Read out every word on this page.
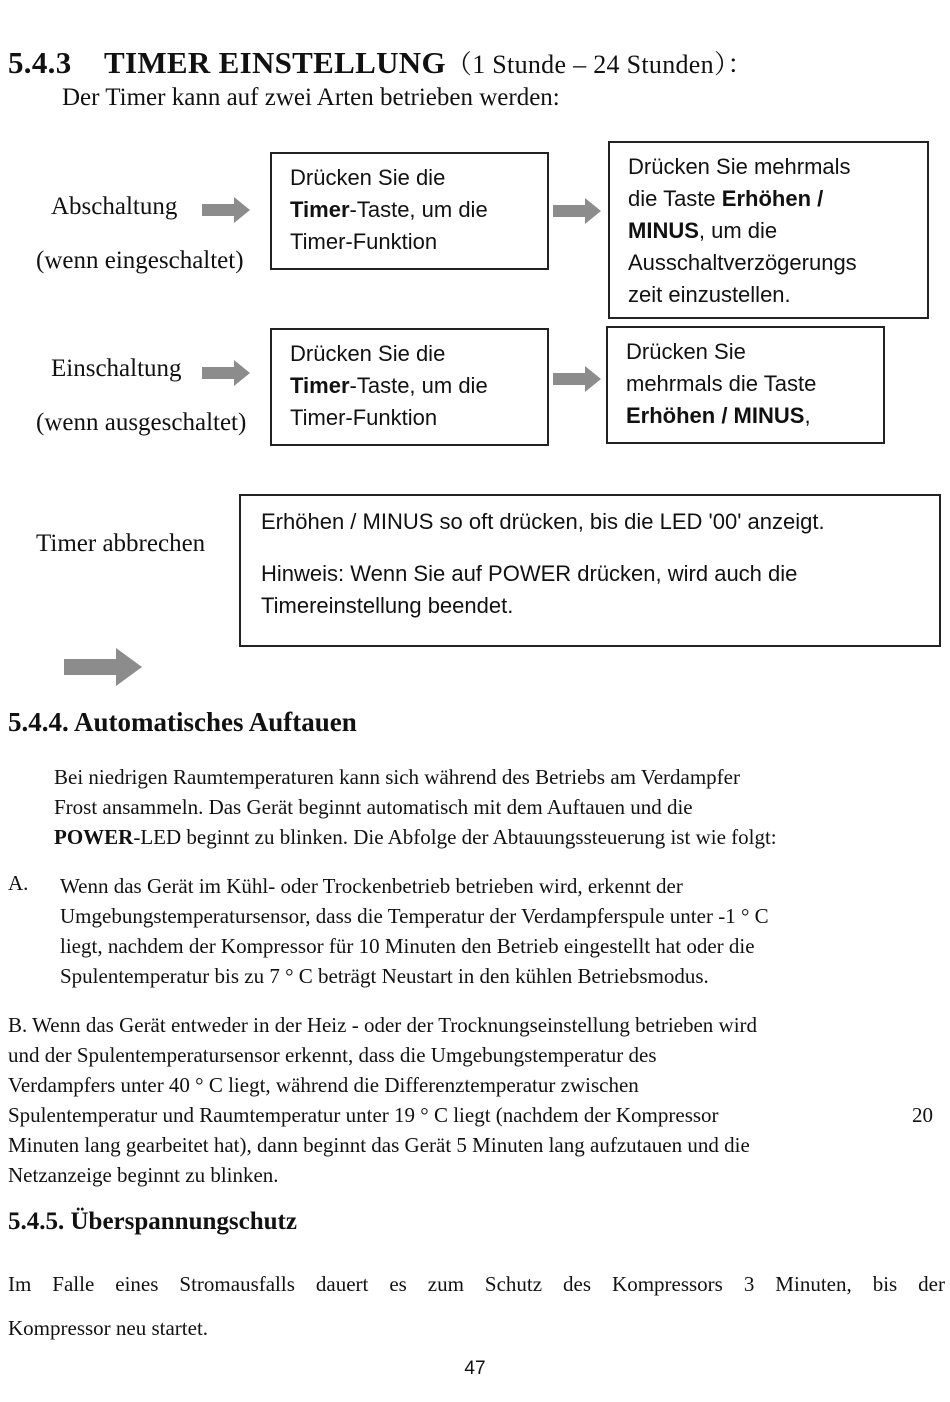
5.4.3 TIMER EINSTELLUNG（1 Stunde – 24 Stunden）：
Der Timer kann auf zwei Arten betrieben werden:
Abschaltung
(wenn eingeschaltet)

Drücken Sie die

Timer-Taste, um die

Timer-Funktion

Drücken Sie mehrmals

die Taste Erhöhen /

MINUS, um die

Ausschaltverzögerungs

zeit einzustellen.

Einschaltung
(wenn ausgeschaltet)

Drücken Sie die

Timer-Taste, um die

Timer-Funktion

Drücken Sie

mehrmals die Taste

Erhöhen / MINUS,

Timer abbrechen

Erhöhen / MINUS so oft drücken, bis die LED '00' anzeigt.

Hinweis: Wenn Sie auf POWER drücken, wird auch die

Timereinstellung beendet.

5.4.4. Automatisches Auftauen

Bei niedrigen Raumtemperaturen kann sich während des Betriebs am Verdampfer

Frost ansammeln. Das Gerät beginnt automatisch mit dem Auftauen und die

POWER-LED beginnt zu blinken. Die Abfolge der Abtauungssteuerung ist wie folgt:

A. Wenn das Gerät im Kühl- oder Trockenbetrieb betrieben wird, erkennt der

Umgebungstemperatursensor, dass die Temperatur der Verdampferspule unter -1 ° C

liegt, nachdem der Kompressor für 10 Minuten den Betrieb eingestellt hat oder die

Spulentemperatur bis zu 7 ° C beträgt Neustart in den kühlen Betriebsmodus.

B. Wenn das Gerät entweder in der Heiz - oder der Trocknungseinstellung betrieben wird

und der Spulentemperatursensor erkennt, dass die Umgebungstemperatur des

Verdampfers unter 40 ° C liegt, während die Differenztemperatur zwischen

Spulentemperatur und Raumtemperatur unter 19 ° C liegt (nachdem der Kompressor	20

Minuten lang gearbeitet hat), dann beginnt das Gerät 5 Minuten lang aufzutauen und die

Netzanzeige beginnt zu blinken.

5.4.5. Überspannungschutz

Im Falle eines Stromausfalls dauert es zum Schutz des Kompressors 3 Minuten, bis der

Kompressor neu startet.

47
